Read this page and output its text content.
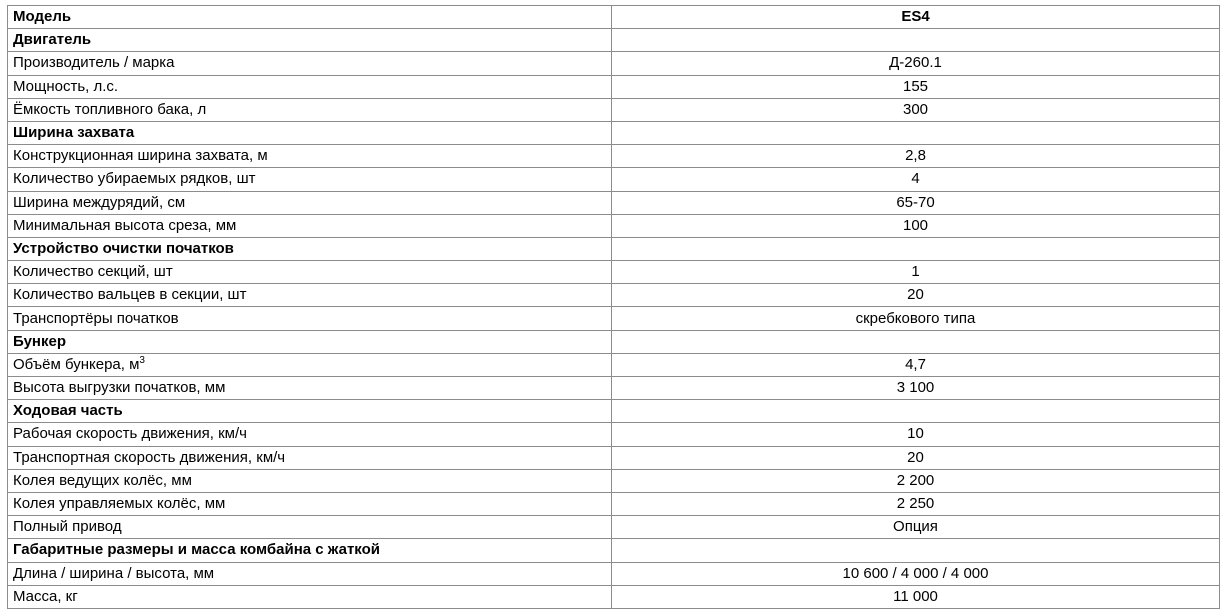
Модель	ES4
Двигатель	
Производитель / марка	Д-260.1
Мощность, л.с.	155
Ёмкость топливного бака, л	300
Ширина захвата	
Конструкционная ширина захвата, м	2,8
Количество убираемых рядков, шт	4
Ширина междурядий, см	65-70
Минимальная высота среза, мм	100
Устройство очистки початков	
Количество секций, шт	1
Количество вальцев в секции, шт	20
Транспортёры початков	скребкового типа
Бункер	
Объём бункера, $м^3$	4,7
Высота выгрузки початков, мм	3 100
Ходовая часть	
Рабочая скорость движения, км/ч	10
Транспортная скорость движения, км/ч	20
Колея ведущих колёс, мм	2 200
Колея управляемых колёс, мм	2 250
Полный привод	Опция
Габаритные размеры и масса комбайна с жаткой	
Длина / ширина / высота, мм	10 600 / 4 000 / 4 000
Масса, кг	11 000
